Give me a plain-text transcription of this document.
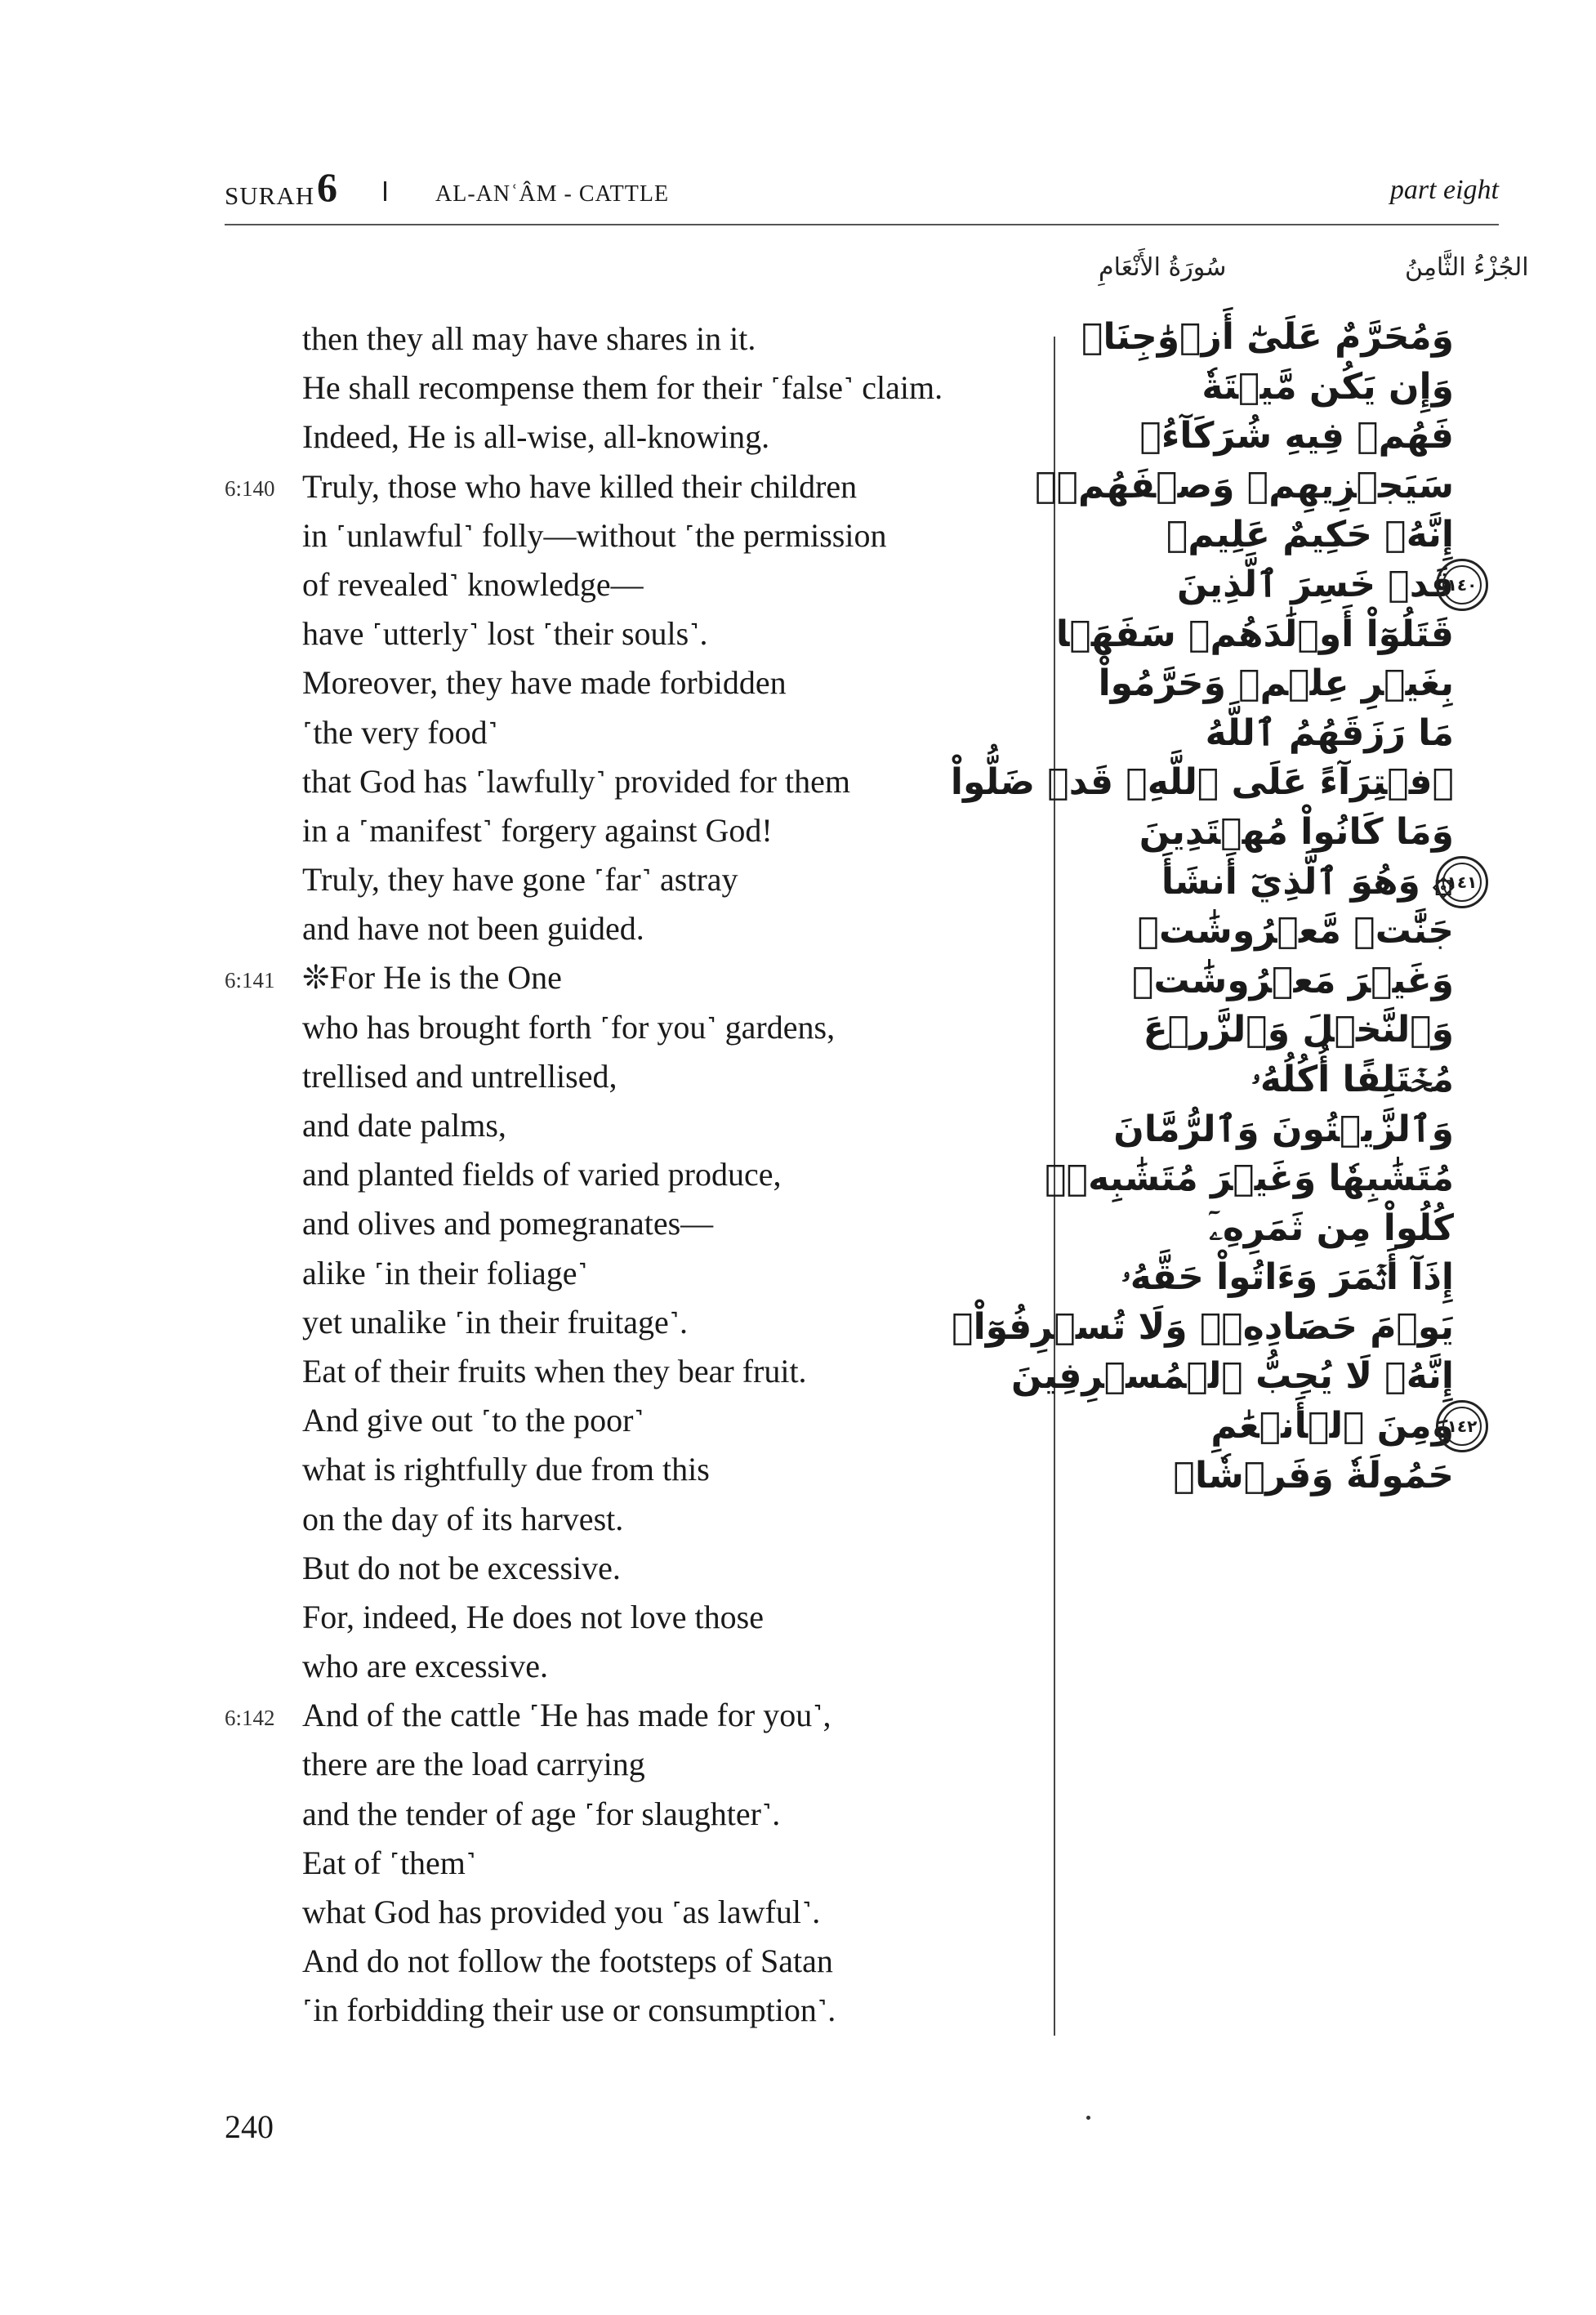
SURAH 6	AL-ANʿÂM - CATTLE	part eight
سُورَةُ الأَنْعَامِ	الجُزْءُ الثَّامِنُ
then they all may have shares in it.
He shall recompense them for their ˹false˺ claim.
Indeed, He is all-wise, all-knowing.
Truly, those who have killed their children
in ˹unlawful˺ folly—without ˹the permission
of revealed˺ knowledge—
have ˹utterly˺ lost ˹their souls˺.
Moreover, they have made forbidden
˹the very food˺
that God has ˹lawfully˺ provided for them
in a ˹manifest˺ forgery against God!
Truly, they have gone ˹far˺ astray
and have not been guided.
❊For He is the One
who has brought forth ˹for you˺ gardens,
trellised and untrellised,
and date palms,
and planted fields of varied produce,
and olives and pomegranates—
alike ˹in their foliage˺
yet unalike ˹in their fruitage˺.
Eat of their fruits when they bear fruit.
And give out ˹to the poor˺
what is rightfully due from this
on the day of its harvest.
But do not be excessive.
For, indeed, He does not love those
who are excessive.
And of the cattle ˹He has made for you˺,
there are the load carrying
and the tender of age ˹for slaughter˺.
Eat of ˹them˺
what God has provided you ˹as lawful˺.
And do not follow the footsteps of Satan
˹in forbidding their use or consumption˺.
6:140
6:141
6:142
وَمُحَرَّمٌ عَلَىٰٓ أَزۡوَٰجِنَاۖ
وَإِن يَكُن مَّيۡتَةٗ
فَهُمۡ فِيهِ شُرَكَآءُۚ
سَيَجۡزِيهِمۡ وَصۡفَهُمۡۚ
إِنَّهُۥ حَكِيمٌ عَلِيمٞ
قَدۡ خَسِرَ ٱلَّذِينَ
قَتَلُوٓاْ أَوۡلَٰدَهُمۡ سَفَهَۢا
بِغَيۡرِ عِلۡمٖ وَحَرَّمُواْ
مَا رَزَقَهُمُ ٱللَّهُ
ٱفۡتِرَآءً عَلَى ٱللَّهِۚ قَدۡ ضَلُّواْ
وَمَا كَانُواْ مُهۡتَدِينَ
۞ وَهُوَ ٱلَّذِيٓ أَنشَأَ
جَنَّٰتٖ مَّعۡرُوشَٰتٖ
وَغَيۡرَ مَعۡرُوشَٰتٖ
وَٱلنَّخۡلَ وَٱلزَّرۡعَ
مُخۡتَلِفًا أُكُلُهُۥ
وَٱلزَّيۡتُونَ وَٱلرُّمَّانَ
مُتَشَٰبِهٗا وَغَيۡرَ مُتَشَٰبِهٖۚ
كُلُواْ مِن ثَمَرِهِۦٓ
إِذَآ أَثۡمَرَ وَءَاتُواْ حَقَّهُۥ
يَوۡمَ حَصَادِهِۦۖ وَلَا تُسۡرِفُوٓاْۚ
إِنَّهُۥ لَا يُحِبُّ ٱلۡمُسۡرِفِينَ
وَمِنَ ٱلۡأَنۡعَٰمِ
حَمُولَةٗ وَفَرۡشٗاۚ
١٤٠
١٤١
١٤٢
240
